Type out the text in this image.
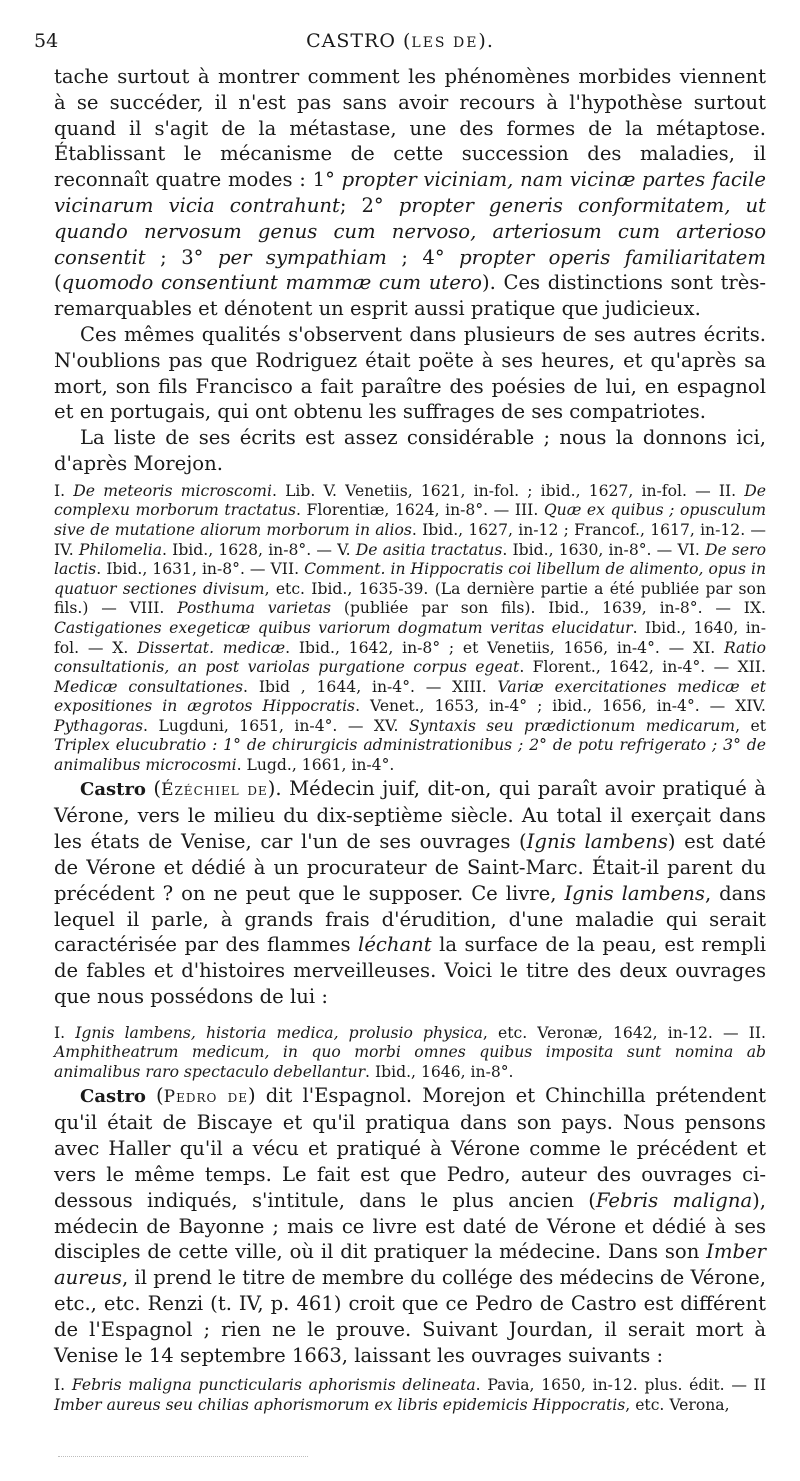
54	CASTRO (LES DE).

tache surtout à montrer comment les phénomènes morbides viennent à se succéder, il n'est pas sans avoir recours à l'hypothèse surtout quand il s'agit de la métastase, une des formes de la métaptose. Établissant le mécanisme de cette succession des maladies, il reconnaît quatre modes : 1° propter viciniam, nam vicinæ partes facile vicinarum vicia contrahunt; 2° propter generis conformitatem, ut quando nervosum genus cum nervoso, arteriosum cum arterioso consentit ; 3° per sympathiam ; 4° propter operis familiaritatem (quomodo consentiunt mammæ cum utero). Ces distinctions sont très-remarquables et dénotent un esprit aussi pratique que judicieux.

Ces mêmes qualités s'observent dans plusieurs de ses autres écrits. N'oublions pas que Rodriguez était poëte à ses heures, et qu'après sa mort, son fils Francisco a fait paraître des poésies de lui, en espagnol et en portugais, qui ont obtenu les suffrages de ses compatriotes.

La liste de ses écrits est assez considérable ; nous la donnons ici, d'après Morejon.

I. De meteoris microscomi. Lib. V. Venetiis, 1621, in-fol. ; ibid., 1627, in-fol. — II. De complexu morborum tractatus. Florentiæ, 1624, in-8°. — III. Quæ ex quibus ; opusculum sive de mutatione aliorum morborum in alios. Ibid., 1627, in-12 ; Francof., 1617, in-12. — IV. Philomelia. Ibid., 1628, in-8°. — V. De asitia tractatus. Ibid., 1630, in-8°. — VI. De sero lactis. Ibid., 1631, in-8°. — VII. Comment. in Hippocratis coi libellum de alimento, opus in quatuor sectiones divisum, etc. Ibid., 1635-39. (La dernière partie a été publiée par son fils.) — VIII. Posthuma varietas (publiée par son fils). Ibid., 1639, in-8°. — IX. Castigationes exegeticæ quibus variorum dogmatum veritas elucidatur. Ibid., 1640, in-fol. — X. Dissertat. medicæ. Ibid., 1642, in-8° ; et Venetiis, 1656, in-4°. — XI. Ratio consultationis, an post variolas purgatione corpus egeat. Florent., 1642, in-4°. — XII. Medicæ consultationes. Ibid , 1644, in-4°. — XIII. Variæ exercitationes medicæ et expositiones in ægrotos Hippocratis. Venet., 1653, in-4° ; ibid., 1656, in-4°. — XIV. Pythagoras. Lugduni, 1651, in-4°. — XV. Syntaxis seu prædictionum medicarum, et Triplex elucubratio : 1° de chirurgicis administrationibus ; 2° de potu refrigerato ; 3° de animalibus microcosmi. Lugd., 1661, in-4°.

Castro (Ézéchiel de). Médecin juif, dit-on, qui paraît avoir pratiqué à Vérone, vers le milieu du dix-septième siècle. Au total il exerçait dans les états de Venise, car l'un de ses ouvrages (Ignis lambens) est daté de Vérone et dédié à un procurateur de Saint-Marc. Était-il parent du précédent ? on ne peut que le supposer. Ce livre, Ignis lambens, dans lequel il parle, à grands frais d'érudition, d'une maladie qui serait caractérisée par des flammes léchant la surface de la peau, est rempli de fables et d'histoires merveilleuses. Voici le titre des deux ouvrages que nous possédons de lui :

I. Ignis lambens, historia medica, prolusio physica, etc. Veronæ, 1642, in-12. — II. Amphitheatrum medicum, in quo morbi omnes quibus imposita sunt nomina ab animalibus raro spectaculo debellantur. Ibid., 1646, in-8°.

Castro (Pedro de) dit l'Espagnol. Morejon et Chinchilla prétendent qu'il était de Biscaye et qu'il pratiqua dans son pays. Nous pensons avec Haller qu'il a vécu et pratiqué à Vérone comme le précédent et vers le même temps. Le fait est que Pedro, auteur des ouvrages ci-dessous indiqués, s'intitule, dans le plus ancien (Febris maligna), médecin de Bayonne ; mais ce livre est daté de Vérone et dédié à ses disciples de cette ville, où il dit pratiquer la médecine. Dans son Imber aureus, il prend le titre de membre du collége des médecins de Vérone, etc., etc. Renzi (t. IV, p. 461) croit que ce Pedro de Castro est différent de l'Espagnol ; rien ne le prouve. Suivant Jourdan, il serait mort à Venise le 14 septembre 1663, laissant les ouvrages suivants :

I. Febris maligna puncticularis aphorismis delineata. Pavia, 1650, in-12. plus. édit. — II Imber aureus seu chilias aphorismorum ex libris epidemicis Hippocratis, etc. Verona,
